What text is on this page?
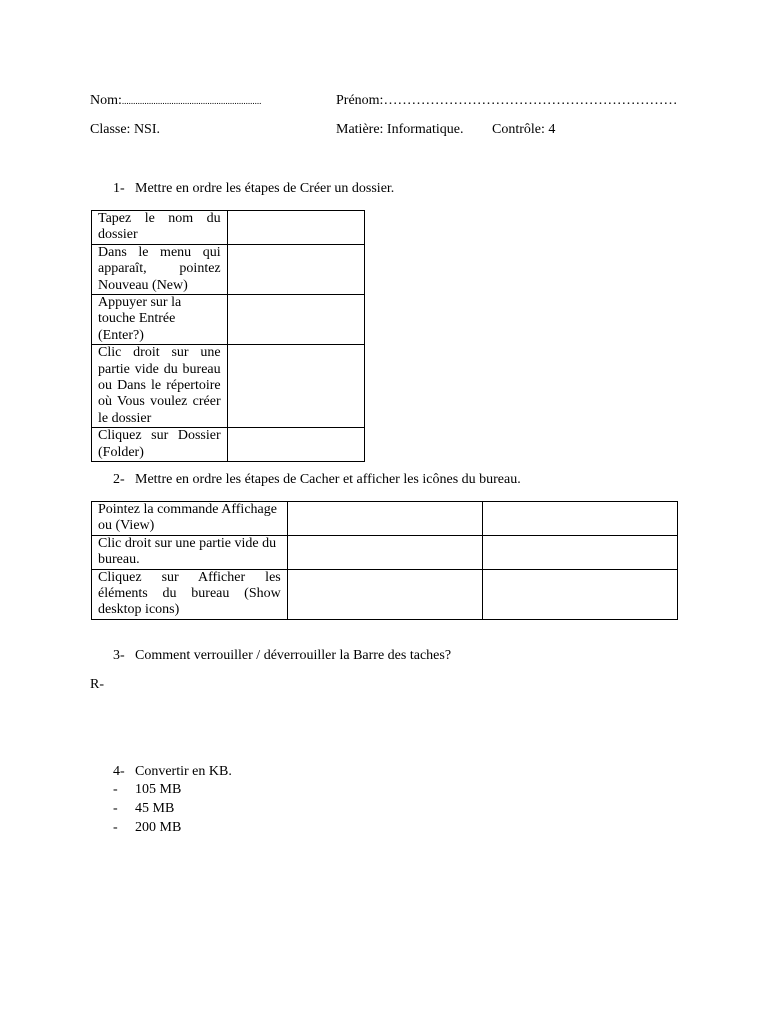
Nom:..............................................................	Prénom:………………………………………………………
Classe: NSI.	Matière: Informatique. Contrôle: 4
1- Mettre en ordre les étapes de Créer un dossier.
Tapez le nom du dossier	
Dans le menu qui apparaît, pointez Nouveau (New)	
Appuyer sur la touche Entrée (Enter?)	
Clic droit sur une partie vide du bureau ou Dans le répertoire où Vous voulez créer le dossier	
Cliquez sur Dossier (Folder)	
2- Mettre en ordre les étapes de Cacher et afficher les icônes du bureau.
Pointez la commande Affichage ou (View)		
Clic droit sur une partie vide du bureau.		
Cliquez sur Afficher les éléments du bureau (Show desktop icons)		
3- Comment verrouiller / déverrouiller la Barre des taches?
R-
4- Convertir en KB.
- 105 MB
- 45 MB
- 200 MB
